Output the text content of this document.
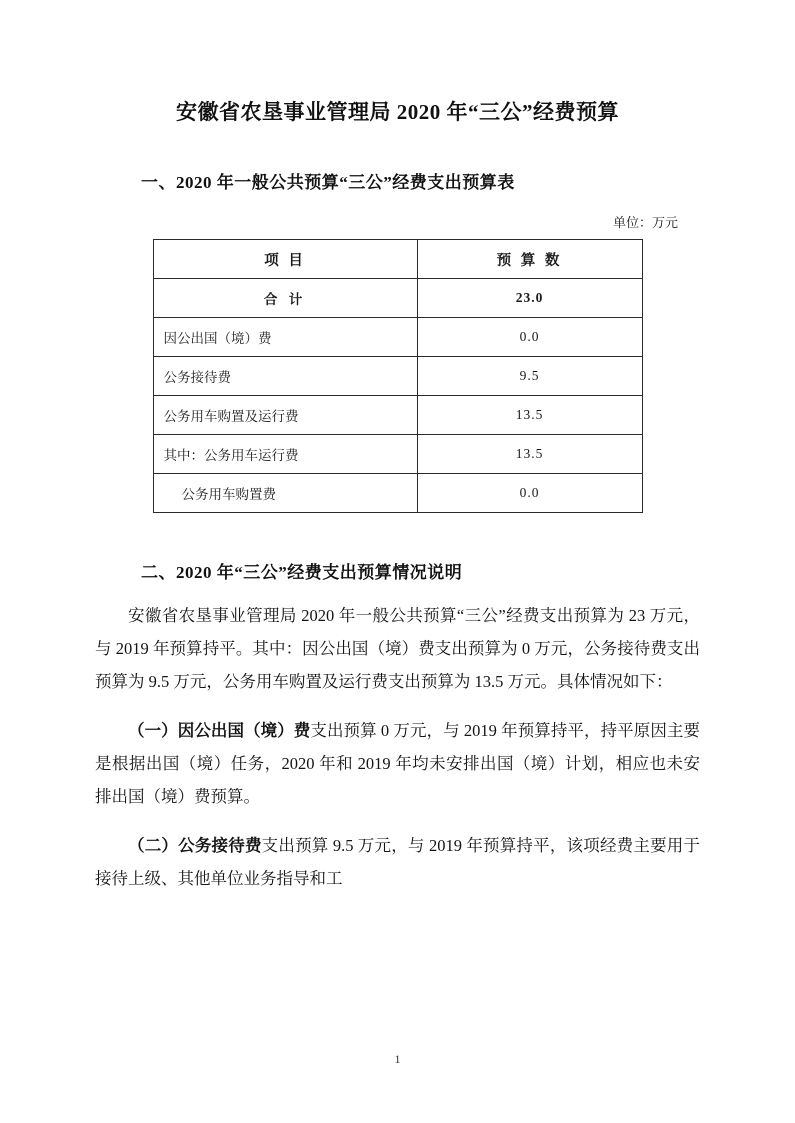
安徽省农垦事业管理局 2020 年“三公”经费预算
一、2020 年一般公共预算“三公”经费支出预算表
单位：万元
项 目	预 算 数
合 计	23.0
因公出国（境）费	0.0
公务接待费	9.5
公务用车购置及运行费	13.5
其中：公务用车运行费	13.5
公务用车购置费	0.0
二、2020 年“三公”经费支出预算情况说明

安徽省农垦事业管理局 2020 年一般公共预算“三公”经费支出预算为 23 万元，与 2019 年预算持平。其中：因公出国（境）费支出预算为 0 万元，公务接待费支出预算为 9.5 万元，公务用车购置及运行费支出预算为 13.5 万元。具体情况如下：

（一）因公出国（境）费支出预算 0 万元，与 2019 年预算持平，持平原因主要是根据出国（境）任务，2020 年和 2019 年均未安排出国（境）计划，相应也未安排出国（境）费预算。

（二）公务接待费支出预算 9.5 万元，与 2019 年预算持平，该项经费主要用于接待上级、其他单位业务指导和工

1
